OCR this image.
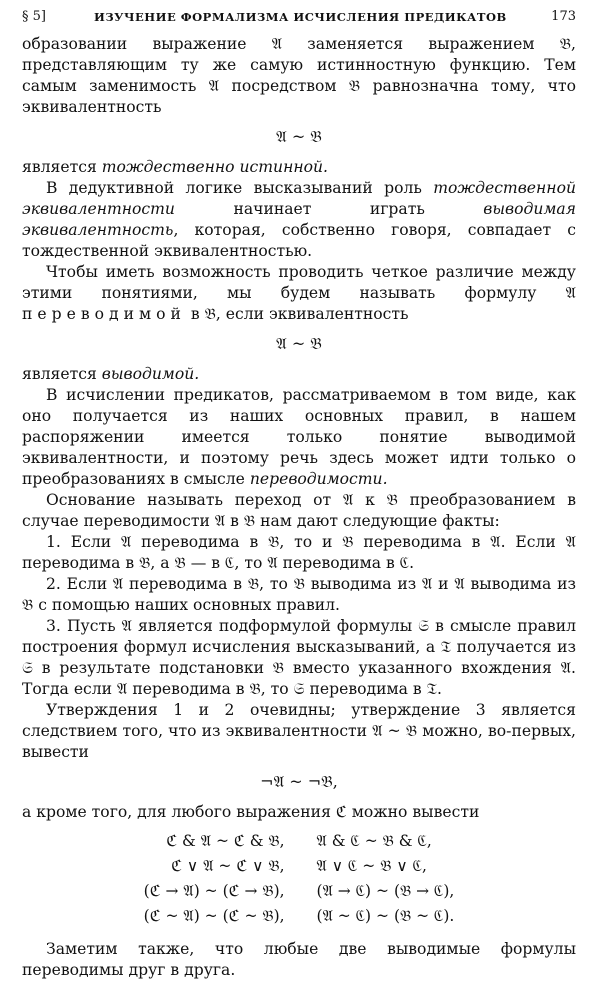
§ 5]	ИЗУЧЕНИЕ ФОРМАЛИЗМА ИСЧИСЛЕНИЯ ПРЕДИКАТОВ	173

образовании выражение 𝔄 заменяется выражением 𝔅, представляющим ту же самую истинностную функцию. Тем самым заменимость 𝔄 посредством 𝔅 равнозначна тому, что эквивалентность

𝔄 ~ 𝔅

является тождественно истинной.

В дедуктивной логике высказываний роль тождественной эквивалентности начинает играть выводимая эквивалентность, которая, собственно говоря, совпадает с тождественной эквивалентностью.

Чтобы иметь возможность проводить четкое различие между этими понятиями, мы будем называть формулу 𝔄 переводимой в 𝔅, если эквивалентность

𝔄 ~ 𝔅

является выводимой.

В исчислении предикатов, рассматриваемом в том виде, как оно получается из наших основных правил, в нашем распоряжении имеется только понятие выводимой эквивалентности, и поэтому речь здесь может идти только о преобразованиях в смысле переводимости.

Основание называть переход от 𝔄 к 𝔅 преобразованием в случае переводимости 𝔄 в 𝔅 нам дают следующие факты:

1. Если 𝔄 переводима в 𝔅, то и 𝔅 переводима в 𝔄. Если 𝔄 переводима в 𝔅, а 𝔅 — в ℭ, то 𝔄 переводима в ℭ.

2. Если 𝔄 переводима в 𝔅, то 𝔅 выводима из 𝔄 и 𝔄 выводима из 𝔅 с помощью наших основных правил.

3. Пусть 𝔄 является подформулой формулы 𝔖 в смысле правил построения формул исчисления высказываний, а 𝔗 получается из 𝔖 в результате подстановки 𝔅 вместо указанного вхождения 𝔄. Тогда если 𝔄 переводима в 𝔅, то 𝔖 переводима в 𝔗.

Утверждения 1 и 2 очевидны; утверждение 3 является следствием того, что из эквивалентности 𝔄 ~ 𝔅 можно, во-первых, вывести

¬𝔄 ~ ¬𝔅,

а кроме того, для любого выражения ℭ можно вывести

ℭ & 𝔄 ~ ℭ & 𝔅,	𝔄 & ℭ ~ 𝔅 & ℭ,
ℭ ∨ 𝔄 ~ ℭ ∨ 𝔅,	𝔄 ∨ ℭ ~ 𝔅 ∨ ℭ,
(ℭ → 𝔄) ~ (ℭ → 𝔅),	(𝔄 → ℭ) ~ (𝔅 → ℭ),
(ℭ ~ 𝔄) ~ (ℭ ~ 𝔅),	(𝔄 ~ ℭ) ~ (𝔅 ~ ℭ).

Заметим также, что любые две выводимые формулы переводимы друг в друга.
